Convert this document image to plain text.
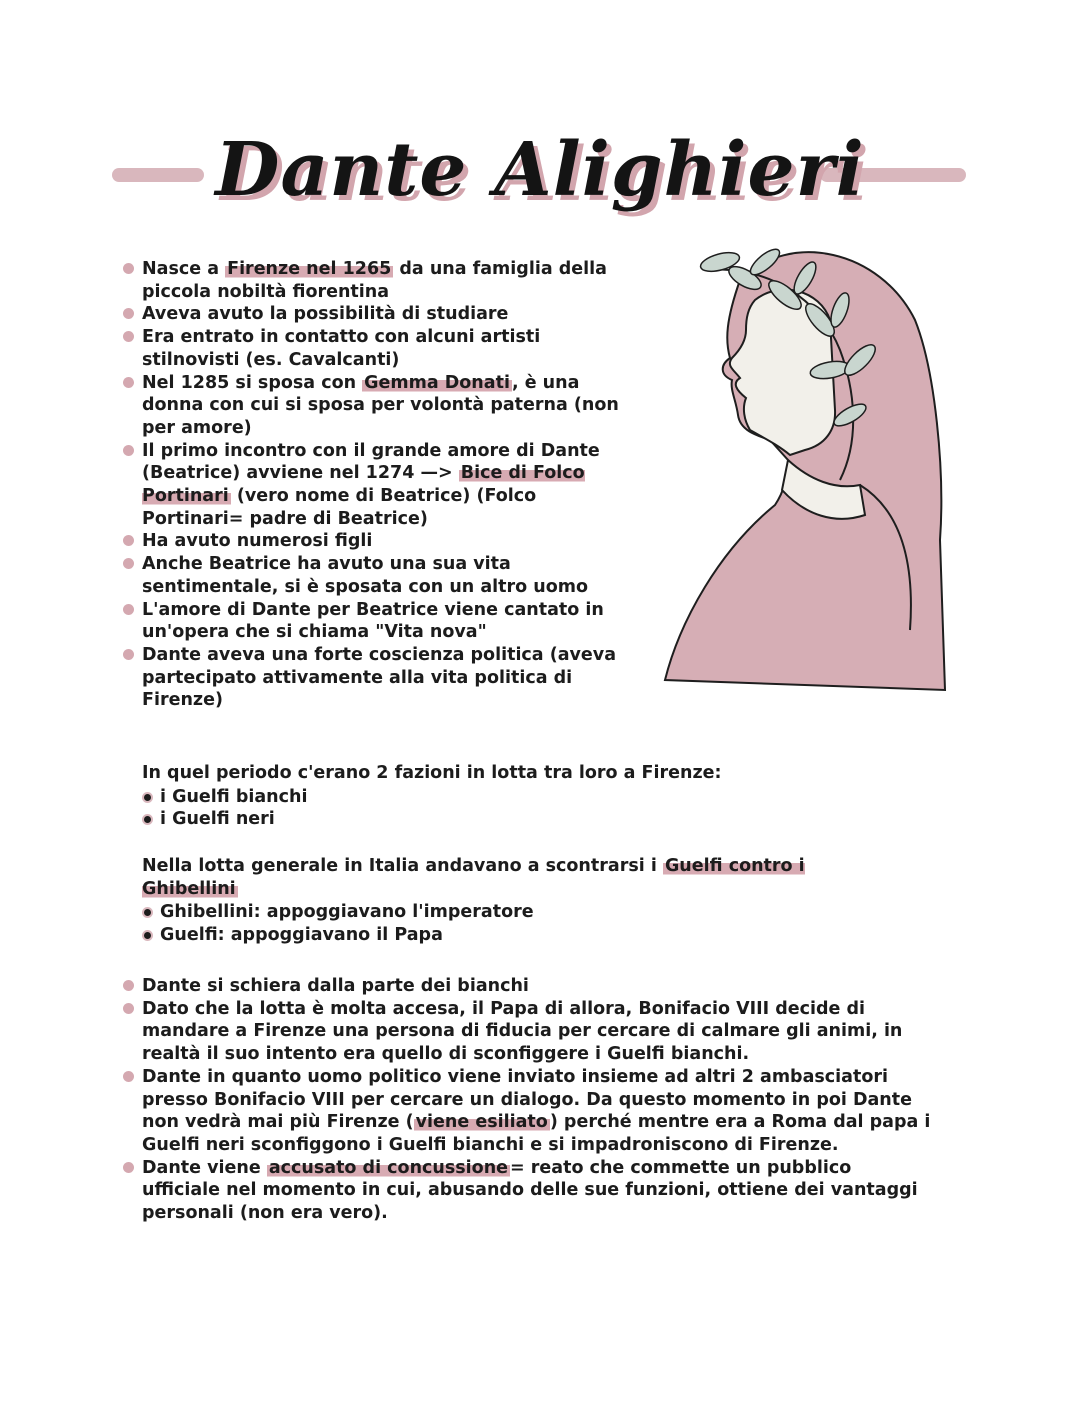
Dante Alighieri
Nasce a Firenze nel 1265 da una famiglia della piccola nobiltà fiorentina
Aveva avuto la possibilità di studiare
Era entrato in contatto con alcuni artisti stilnovisti (es. Cavalcanti)
Nel 1285 si sposa con Gemma Donati , è una donna con cui si sposa per volontà paterna (non per amore)
Il primo incontro con il grande amore di Dante (Beatrice) avviene nel 1274 —> Bice di Folco Portinari (vero nome di Beatrice) (Folco Portinari= padre di Beatrice)
Ha avuto numerosi figli
Anche Beatrice ha avuto una sua vita sentimentale, si è sposata con un altro uomo
L'amore di Dante per Beatrice viene cantato in un'opera che si chiama "Vita nova"
Dante aveva una forte coscienza politica (aveva partecipato attivamente alla vita politica di Firenze)
In quel periodo c'erano 2 fazioni in lotta tra loro a Firenze:
i Guelfi bianchi
i Guelfi neri
Nella lotta generale in Italia andavano a scontrarsi i Guelfi contro i Ghibellini
Ghibellini: appoggiavano l'imperatore
Guelfi: appoggiavano il Papa
Dante si schiera dalla parte dei bianchi
Dato che la lotta è molta accesa, il Papa di allora, Bonifacio VIII decide di mandare a Firenze una persona di fiducia per cercare di calmare gli animi, in realtà il suo intento era quello di sconfiggere i Guelfi bianchi.
Dante in quanto uomo politico viene inviato insieme ad altri 2 ambasciatori presso Bonifacio VIII per cercare un dialogo. Da questo momento in poi Dante non vedrà mai più Firenze ( viene esiliato ) perché mentre era a Roma dal papa i Guelfi neri sconfiggono i Guelfi bianchi e si impadroniscono di Firenze.
Dante viene accusato di concussione = reato che commette un pubblico ufficiale nel momento in cui, abusando delle sue funzioni, ottiene dei vantaggi personali (non era vero).
